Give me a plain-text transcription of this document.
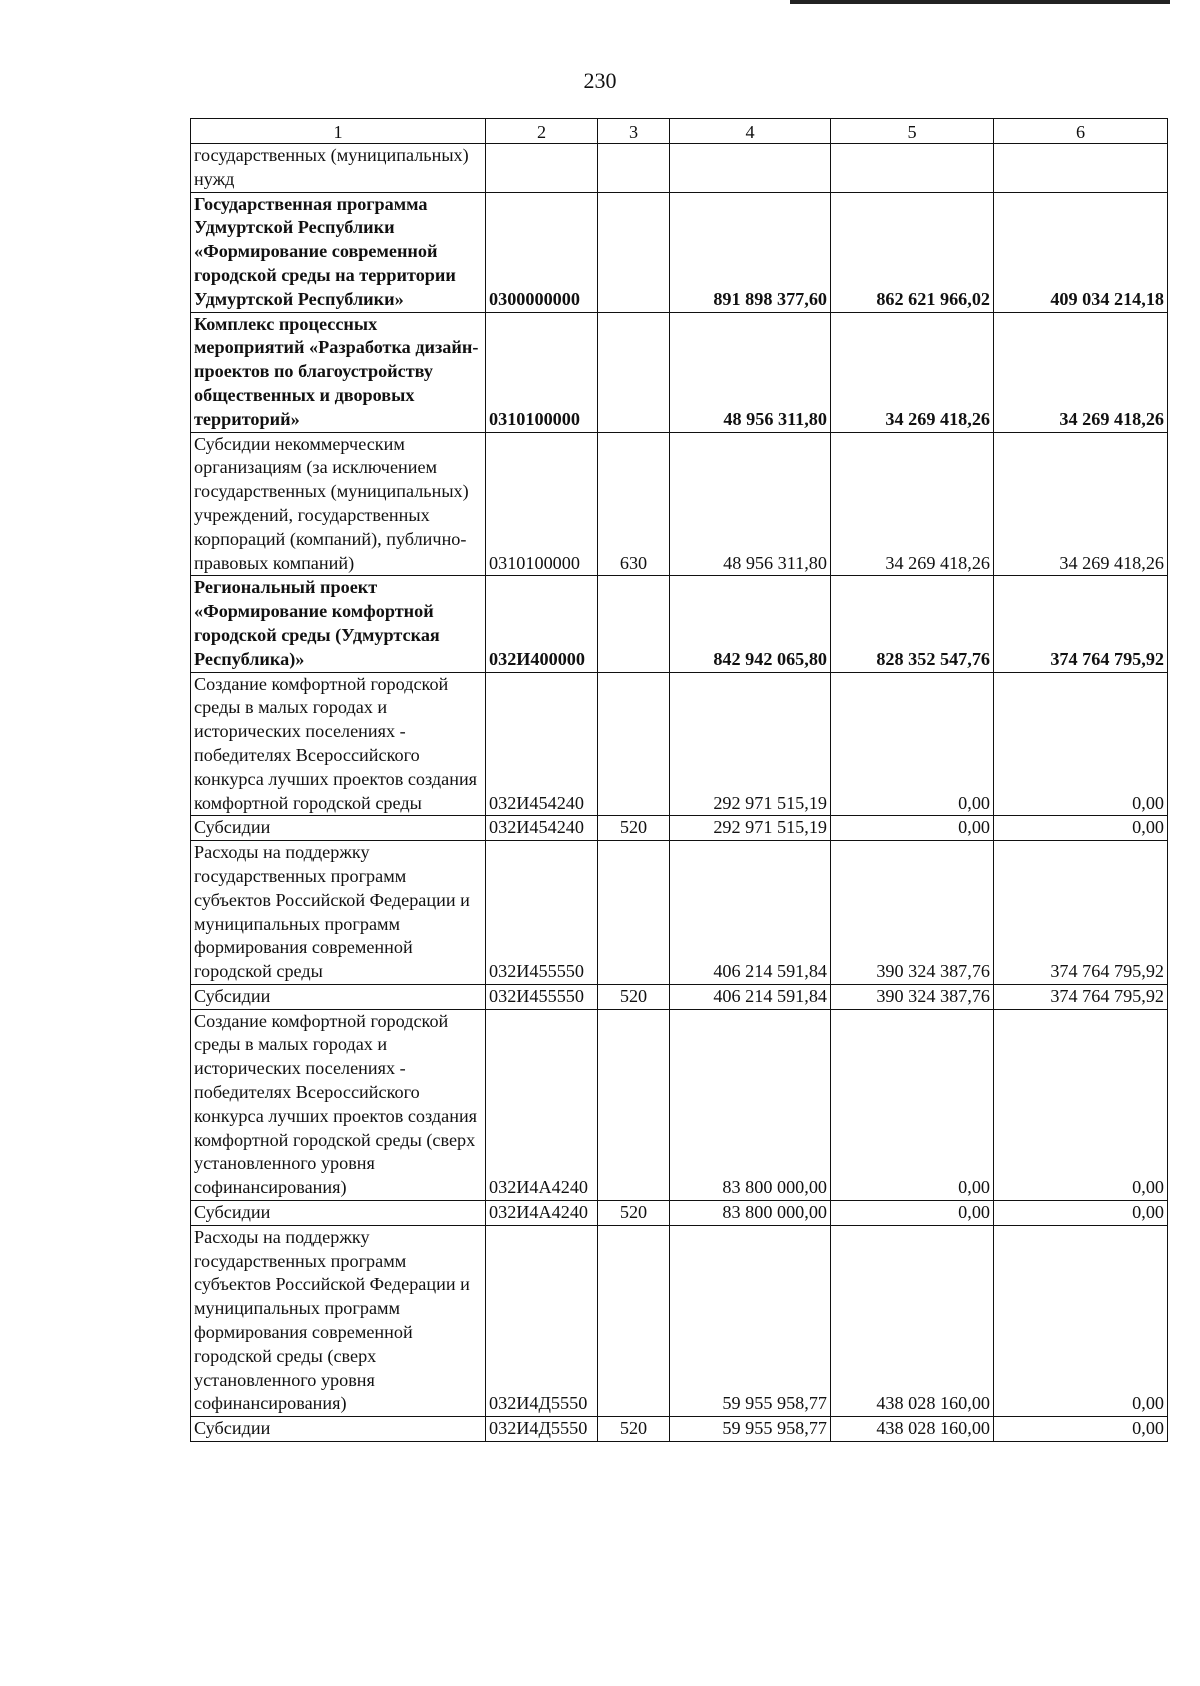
230
1	2	3	4	5	6
государственных (муниципальных) нужд					
Государственная программа Удмуртской Республики «Формирование современной городской среды на территории Удмуртской Республики»	0300000000		891 898 377,60	862 621 966,02	409 034 214,18
Комплекс процессных мероприятий «Разработка дизайн-проектов по благоустройству общественных и дворовых территорий»	0310100000		48 956 311,80	34 269 418,26	34 269 418,26
Субсидии некоммерческим организациям (за исключением государственных (муниципальных) учреждений, государственных корпораций (компаний), публично-правовых компаний)	0310100000	630	48 956 311,80	34 269 418,26	34 269 418,26
Региональный проект «Формирование комфортной городской среды (Удмуртская Республика)»	032И400000		842 942 065,80	828 352 547,76	374 764 795,92
Создание комфортной городской среды в малых городах и исторических поселениях - победителях Всероссийского конкурса лучших проектов создания комфортной городской среды	032И454240		292 971 515,19	0,00	0,00
Субсидии	032И454240	520	292 971 515,19	0,00	0,00
Расходы на поддержку государственных программ субъектов Российской Федерации и муниципальных программ формирования современной городской среды	032И455550		406 214 591,84	390 324 387,76	374 764 795,92
Субсидии	032И455550	520	406 214 591,84	390 324 387,76	374 764 795,92
Создание комфортной городской среды в малых городах и исторических поселениях - победителях Всероссийского конкурса лучших проектов создания комфортной городской среды (сверх установленного уровня софинансирования)	032И4А4240		83 800 000,00	0,00	0,00
Субсидии	032И4А4240	520	83 800 000,00	0,00	0,00
Расходы на поддержку государственных программ субъектов Российской Федерации и муниципальных программ формирования современной городской среды (сверх установленного уровня софинансирования)	032И4Д5550		59 955 958,77	438 028 160,00	0,00
Субсидии	032И4Д5550	520	59 955 958,77	438 028 160,00	0,00
